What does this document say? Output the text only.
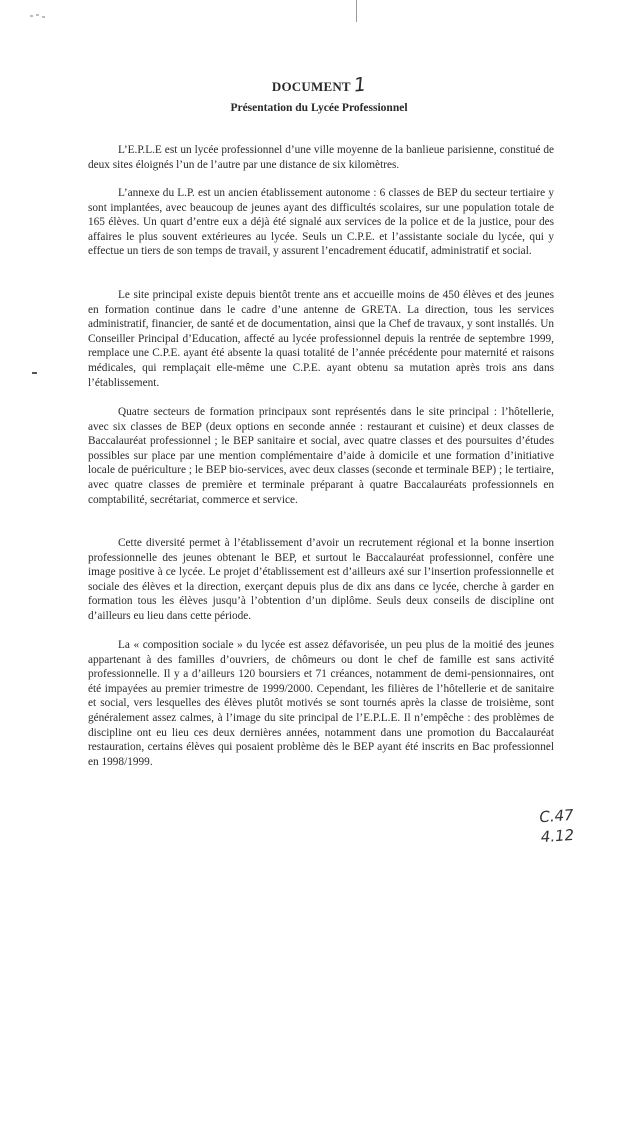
DOCUMENT1
Présentation du Lycée Professionnel

L’E.P.L.E est un lycée professionnel d’une ville moyenne de la banlieue parisienne, constitué de deux sites éloignés l’un de l’autre par une distance de six kilomètres.

L’annexe du L.P. est un ancien établissement autonome : 6 classes de BEP du secteur tertiaire y sont implantées, avec beaucoup de jeunes ayant des difficultés scolaires, sur une population totale de 165 élèves. Un quart d’entre eux a déjà été signalé aux services de la police et de la justice, pour des affaires le plus souvent extérieures au lycée. Seuls un C.P.E. et l’assistante sociale du lycée, qui y effectue un tiers de son temps de travail, y assurent l’encadrement éducatif, administratif et social.

Le site principal existe depuis bientôt trente ans et accueille moins de 450 élèves et des jeunes en formation continue dans le cadre d’une antenne de GRETA. La direction, tous les services administratif, financier, de santé et de documentation, ainsi que la Chef de travaux, y sont installés. Un Conseiller Principal d’Education, affecté au lycée professionnel depuis la rentrée de septembre 1999, remplace une C.P.E. ayant été absente la quasi totalité de l’année précédente pour maternité et raisons médicales, qui remplaçait elle-même une C.P.E. ayant obtenu sa mutation après trois ans dans l’établissement.

Quatre secteurs de formation principaux sont représentés dans le site principal : l’hôtellerie, avec six classes de BEP (deux options en seconde année : restaurant et cuisine) et deux classes de Baccalauréat professionnel ; le BEP sanitaire et social, avec quatre classes et des poursuites d’études possibles sur place par une mention complémentaire d’aide à domicile et une formation d’initiative locale de puériculture ; le BEP bio-services, avec deux classes (seconde et terminale BEP) ; le tertiaire, avec quatre classes de première et terminale préparant à quatre Baccalauréats professionnels en comptabilité, secrétariat, commerce et service.

Cette diversité permet à l’établissement d’avoir un recrutement régional et la bonne insertion professionnelle des jeunes obtenant le BEP, et surtout le Baccalauréat professionnel, confère une image positive à ce lycée. Le projet d’établissement est d’ailleurs axé sur l’insertion professionnelle et sociale des élèves et la direction, exerçant depuis plus de dix ans dans ce lycée, cherche à garder en formation tous les élèves jusqu’à l’obtention d’un diplôme. Seuls deux conseils de discipline ont d’ailleurs eu lieu dans cette période.

La « composition sociale » du lycée est assez défavorisée, un peu plus de la moitié des jeunes appartenant à des familles d’ouvriers, de chômeurs ou dont le chef de famille est sans activité professionnelle. Il y a d’ailleurs 120 boursiers et 71 créances, notamment de demi-pensionnaires, ont été impayées au premier trimestre de 1999/2000. Cependant, les filières de l’hôtellerie et de sanitaire et social, vers lesquelles des élèves plutôt motivés se sont tournés après la classe de troisième, sont généralement assez calmes, à l’image du site principal de l’E.P.L.E. Il n’empêche : des problèmes de discipline ont eu lieu ces deux dernières années, notamment dans une promotion du Baccalauréat restauration, certains élèves qui posaient problème dès le BEP ayant été inscrits en Bac professionnel en 1998/1999.

C.47
4.12
